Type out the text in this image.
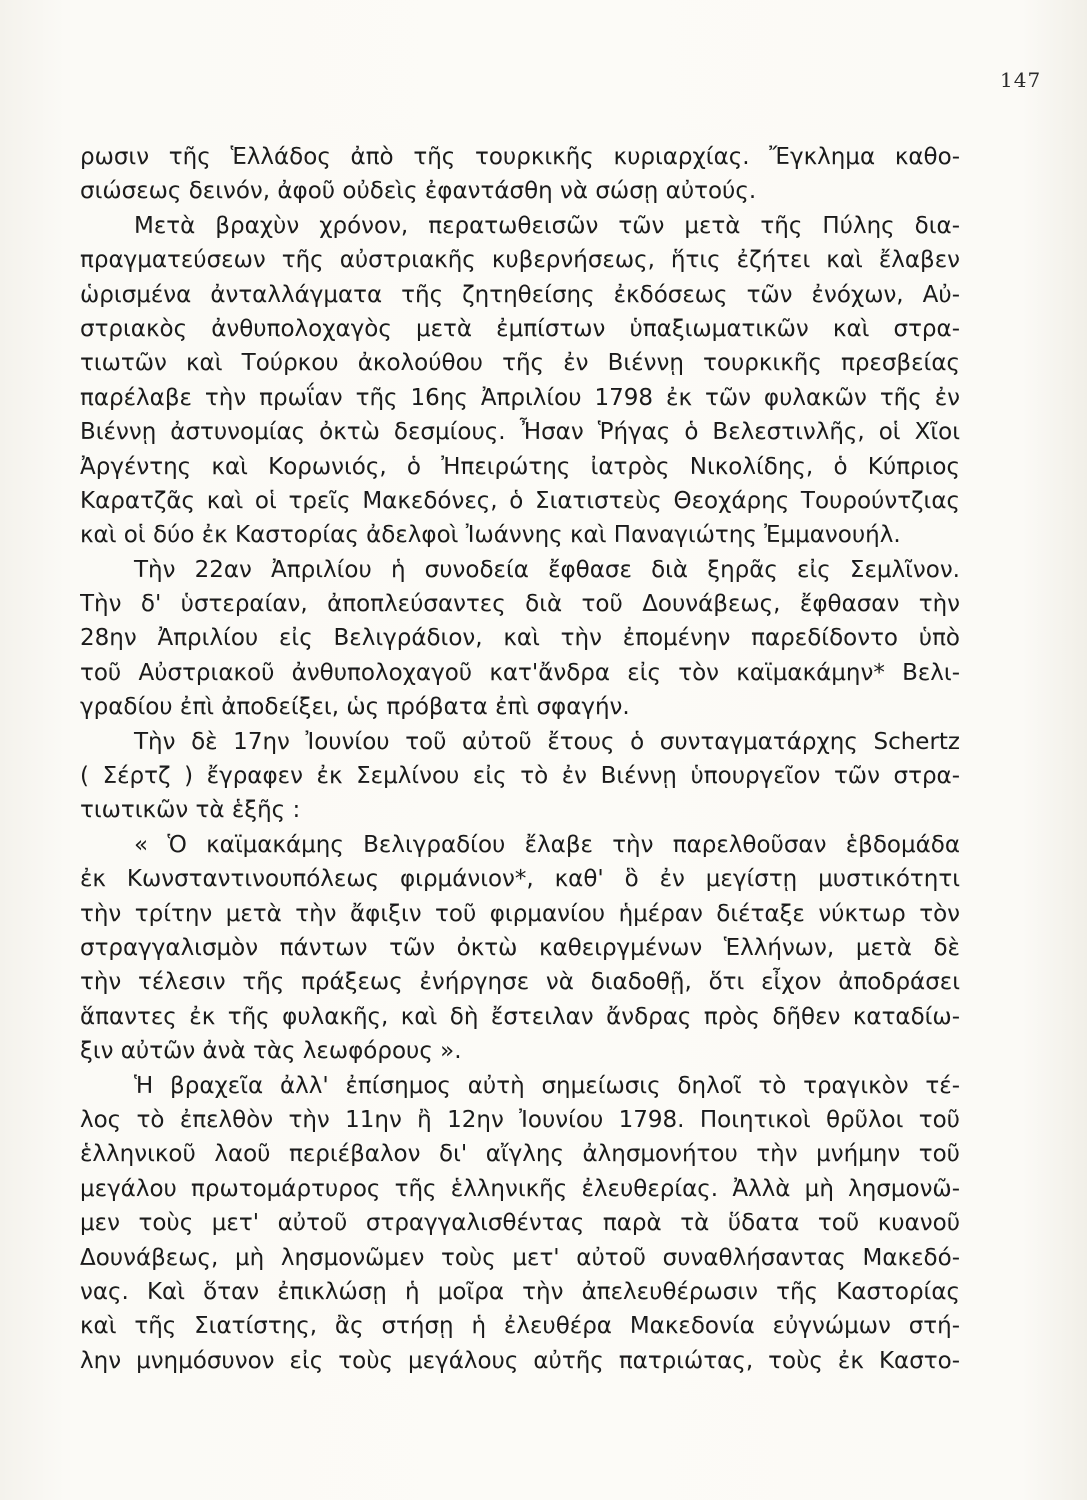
147
ρωσιν τῆς Ἑλλάδος ἀπὸ τῆς τουρκικῆς κυριαρχίας. Ἔγκλημα καθο-
σιώσεως δεινόν, ἀφοῦ οὐδεὶς ἐφαντάσθη νὰ σώσῃ αὐτούς.
Μετὰ βραχὺν χρόνον, περατωθεισῶν τῶν μετὰ τῆς Πύλης δια-
πραγματεύσεων τῆς αὐστριακῆς κυβερνήσεως, ἥτις ἐζήτει καὶ ἔλαβεν
ὡρισμένα ἀνταλλάγματα τῆς ζητηθείσης ἐκδόσεως τῶν ἐνόχων, Αὐ-
στριακὸς ἀνθυπολοχαγὸς μετὰ ἐμπίστων ὑπαξιωματικῶν καὶ στρα-
τιωτῶν καὶ Τούρκου ἀκολούθου τῆς ἐν Βιέννῃ τουρκικῆς πρεσβείας
παρέλαβε τὴν πρωΐαν τῆς 16ης Ἀπριλίου 1798 ἐκ τῶν φυλακῶν τῆς ἐν
Βιέννῃ ἀστυνομίας ὀκτὼ δεσμίους. Ἦσαν Ῥήγας ὁ Βελεστινλῆς, οἱ Χῖοι
Ἀργέντης καὶ Κορωνιός, ὁ Ἠπειρώτης ἰατρὸς Νικολίδης, ὁ Κύπριος
Καρατζᾶς καὶ οἱ τρεῖς Μακεδόνες, ὁ Σιατιστεὺς Θεοχάρης Τουρούντζιας
καὶ οἱ δύο ἐκ Καστορίας ἀδελφοὶ Ἰωάννης καὶ Παναγιώτης Ἐμμανουήλ.
Τὴν 22αν Ἀπριλίου ἡ συνοδεία ἔφθασε διὰ ξηρᾶς εἰς Σεμλῖνον.
Τὴν δ' ὑστεραίαν, ἀποπλεύσαντες διὰ τοῦ Δουνάβεως, ἔφθασαν τὴν
28ην Ἀπριλίου εἰς Βελιγράδιον, καὶ τὴν ἐπομένην παρεδίδοντο ὑπὸ
τοῦ Αὐστριακοῦ ἀνθυπολοχαγοῦ κατ'ἄνδρα εἰς τὸν καϊμακάμην* Βελι-
γραδίου ἐπὶ ἀποδείξει, ὡς πρόβατα ἐπὶ σφαγήν.
Τὴν δὲ 17ην Ἰουνίου τοῦ αὐτοῦ ἔτους ὁ συνταγματάρχης Schertz
( Σέρτζ ) ἔγραφεν ἐκ Σεμλίνου εἰς τὸ ἐν Βιέννῃ ὑπουργεῖον τῶν στρα-
τιωτικῶν τὰ ἑξῆς :
« Ὁ καϊμακάμης Βελιγραδίου ἔλαβε τὴν παρελθοῦσαν ἑβδομάδα
ἐκ Κωνσταντινουπόλεως φιρμάνιον*, καθ' ὃ ἐν μεγίστῃ μυστικότητι
τὴν τρίτην μετὰ τὴν ἄφιξιν τοῦ φιρμανίου ἡμέραν διέταξε νύκτωρ τὸν
στραγγαλισμὸν πάντων τῶν ὀκτὼ καθειργμένων Ἑλλήνων, μετὰ δὲ
τὴν τέλεσιν τῆς πράξεως ἐνήργησε νὰ διαδοθῇ, ὅτι εἶχον ἀποδράσει
ἅπαντες ἐκ τῆς φυλακῆς, καὶ δὴ ἔστειλαν ἄνδρας πρὸς δῆθεν καταδίω-
ξιν αὐτῶν ἀνὰ τὰς λεωφόρους ».
Ἡ βραχεῖα ἀλλ' ἐπίσημος αὐτὴ σημείωσις δηλοῖ τὸ τραγικὸν τέ-
λος τὸ ἐπελθὸν τὴν 11ην ἢ 12ην Ἰουνίου 1798. Ποιητικοὶ θρῦλοι τοῦ
ἑλληνικοῦ λαοῦ περιέβαλον δι' αἴγλης ἀλησμονήτου τὴν μνήμην τοῦ
μεγάλου πρωτομάρτυρος τῆς ἑλληνικῆς ἐλευθερίας. Ἀλλὰ μὴ λησμονῶ-
μεν τοὺς μετ' αὐτοῦ στραγγαλισθέντας παρὰ τὰ ὕδατα τοῦ κυανοῦ
Δουνάβεως, μὴ λησμονῶμεν τοὺς μετ' αὐτοῦ συναθλήσαντας Μακεδό-
νας. Καὶ ὅταν ἐπικλώσῃ ἡ μοῖρα τὴν ἀπελευθέρωσιν τῆς Καστορίας
καὶ τῆς Σιατίστης, ἂς στήσῃ ἡ ἐλευθέρα Μακεδονία εὐγνώμων στή-
λην μνημόσυνον εἰς τοὺς μεγάλους αὐτῆς πατριώτας, τοὺς ἐκ Καστο-
